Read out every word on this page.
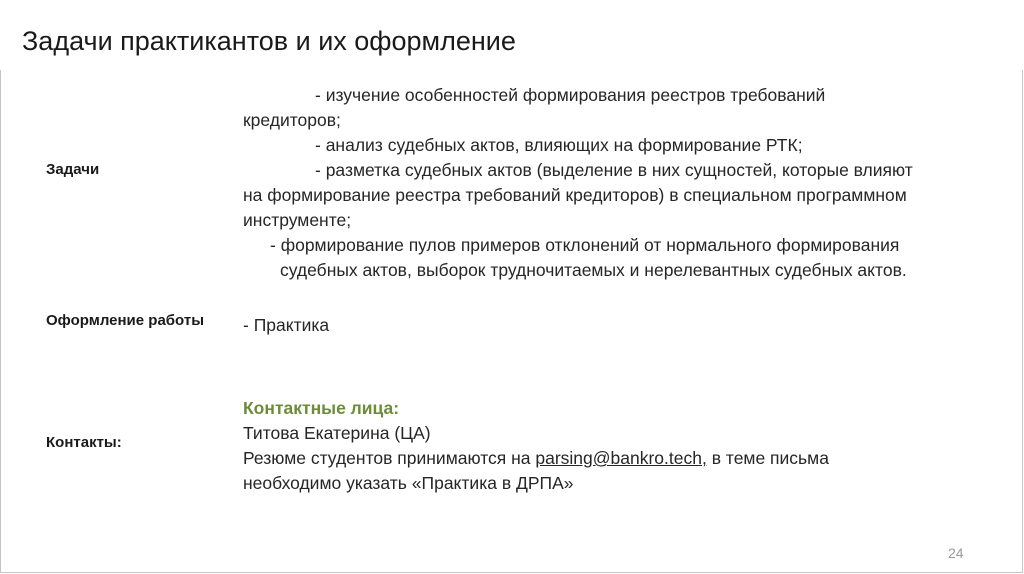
Задачи практикантов и их оформление
Задачи
- изучение особенностей формирования реестров требований
кредиторов;
- анализ судебных актов, влияющих на формирование РТК;
- разметка судебных актов (выделение в них сущностей, которые влияют
на формирование реестра требований кредиторов) в специальном программном
инструменте;
- формирование пулов примеров отклонений от нормального формирования
судебных актов, выборок трудночитаемых и нерелевантных судебных актов.
Оформление работы - Практика
Контакты:
Контактные лица:
Титова Екатерина (ЦА)
Резюме студентов принимаются на parsing@bankro.tech, в теме письма
необходимо указать «Практика в ДРПА»
24
